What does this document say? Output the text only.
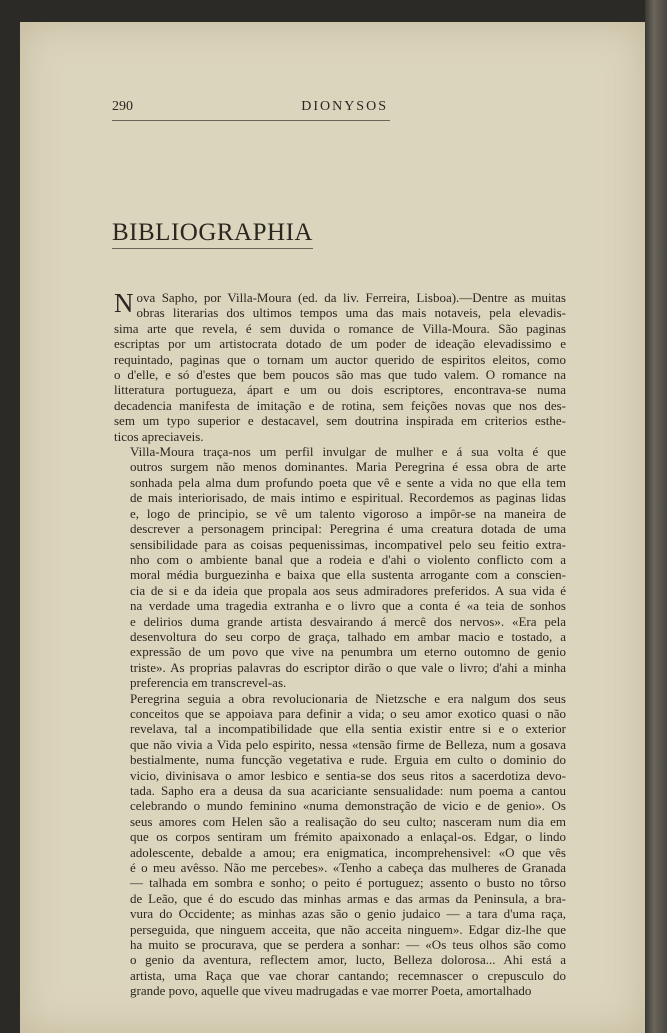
290	DIONYSOS
BIBLIOGRAPHIA

N ova Sapho, por Villa-Moura (ed. da liv. Ferreira, Lisboa).—Dentre as muitas
obras literarias dos ultimos tempos uma das mais notaveis, pela elevadis-
sima arte que revela, é sem duvida o romance de Villa-Moura. São paginas
escriptas por um artistocrata dotado de um poder de ideação elevadissimo e
requintado, paginas que o tornam um auctor querido de espiritos eleitos, como
o d'elle, e só d'estes que bem poucos são mas que tudo valem. O romance na
litteratura portugueza, ápart e um ou dois escriptores, encontrava-se numa
decadencia manifesta de imitação e de rotina, sem feições novas que nos des-
sem um typo superior e destacavel, sem doutrina inspirada em criterios esthe-
ticos apreciaveis.

Villa-Moura traça-nos um perfil invulgar de mulher e á sua volta é que
outros surgem não menos dominantes. Maria Peregrina é essa obra de arte
sonhada pela alma dum profundo poeta que vê e sente a vida no que ella tem
de mais interiorisado, de mais intimo e espiritual. Recordemos as paginas lidas
e, logo de principio, se vê um talento vigoroso a impôr-se na maneira de
descrever a personagem principal: Peregrina é uma creatura dotada de uma
sensibilidade para as coisas pequenissimas, incompativel pelo seu feitio extra-
nho com o ambiente banal que a rodeia e d'ahi o violento conflicto com a
moral média burguezinha e baixa que ella sustenta arrogante com a conscien-
cia de si e da ideia que propala aos seus admiradores preferidos. A sua vida é
na verdade uma tragedia extranha e o livro que a conta é «a teia de sonhos
e delirios duma grande artista desvairando á mercê dos nervos». «Era pela
desenvoltura do seu corpo de graça, talhado em ambar macio e tostado, a
expressão de um povo que vive na penumbra um eterno outomno de genio
triste». As proprias palavras do escriptor dirão o que vale o livro; d'ahi a minha
preferencia em transcrevel-as.

Peregrina seguia a obra revolucionaria de Nietzsche e era nalgum dos seus
conceitos que se appoiava para definir a vida; o seu amor exotico quasi o não
revelava, tal a incompatibilidade que ella sentia existir entre si e o exterior
que não vivia a Vida pelo espirito, nessa «tensão firme de Belleza, num a gosava
bestialmente, numa funcção vegetativa e rude. Erguia em culto o dominio do
vicio, divinisava o amor lesbico e sentia-se dos seus ritos a sacerdotiza devo-
tada. Sapho era a deusa da sua acariciante sensualidade: num poema a cantou
celebrando o mundo feminino «numa demonstração de vicio e de genio». Os
seus amores com Helen são a realisação do seu culto; nasceram num dia em
que os corpos sentiram um frémito apaixonado a enlaçal-os. Edgar, o lindo
adolescente, debalde a amou; era enigmatica, incomprehensivel: «O que vês
é o meu avêsso. Não me percebes». «Tenho a cabeça das mulheres de Granada
— talhada em sombra e sonho; o peito é portuguez; assento o busto no tôrso
de Leão, que é do escudo das minhas armas e das armas da Peninsula, a bra-
vura do Occidente; as minhas azas são o genio judaico — a tara d'uma raça,
perseguida, que ninguem acceita, que não acceita ninguem». Edgar diz-lhe que
ha muito se procurava, que se perdera a sonhar: — «Os teus olhos são como
o genio da aventura, reflectem amor, lucto, Belleza dolorosa... Ahi está a
artista, uma Raça que vae chorar cantando; recemnascer o crepusculo do
grande povo, aquelle que viveu madrugadas e vae morrer Poeta, amortalhado
